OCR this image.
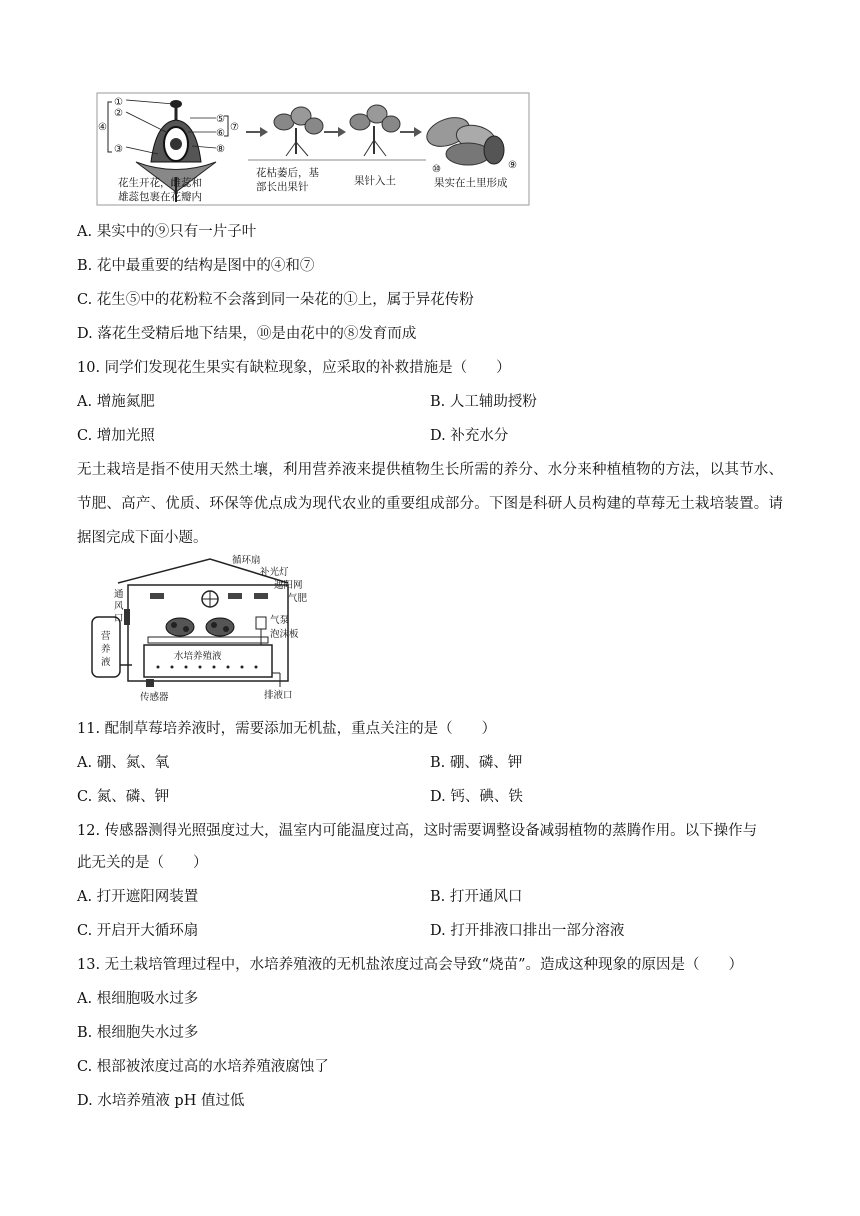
①
②
③
④
⑤
⑥
⑦
⑧
花生开花，雌蕊和
雄蕊包裹在花瓣内
花枯萎后，基
部长出果针	果针入土
⑩	⑨
果实在土里形成
A. 果实中的⑨只有一片子叶
B. 花中最重要的结构是图中的④和⑦
C. 花生⑤中的花粉粒不会落到同一朵花的①上，属于异花传粉
D. 落花生受精后地下结果，⑩是由花中的⑧发育而成
10. 同学们发现花生果实有缺粒现象，应采取的补救措施是（　　）
A. 增施氮肥	B. 人工辅助授粉
C. 增加光照	D. 补充水分
无土栽培是指不使用天然土壤，利用营养液来提供植物生长所需的养分、水分来种植植物的方法，以其节水、节肥、高产、优质、环保等优点成为现代农业的重要组成部分。下图是科研人员构建的草莓无土栽培装置。请据图完成下面小题。
循环扇
补光灯
遮阳网
气肥
通
风
口	气泵
泡沫板
营
养
液
水培养殖液
传感器	排液口
11. 配制草莓培养液时，需要添加无机盐，重点关注的是（　　）
A. 硼、氮、氧	B. 硼、磷、钾
C. 氮、磷、钾	D. 钙、碘、铁
12. 传感器测得光照强度过大，温室内可能温度过高，这时需要调整设备减弱植物的蒸腾作用。以下操作与
此无关的是（　　）
A. 打开遮阳网装置	B. 打开通风口
C. 开启开大循环扇	D. 打开排液口排出一部分溶液
13. 无土栽培管理过程中，水培养殖液的无机盐浓度过高会导致“烧苗”。造成这种现象的原因是（　　）
A. 根细胞吸水过多
B. 根细胞失水过多
C. 根部被浓度过高的水培养殖液腐蚀了
D. 水培养殖液 pH 值过低
